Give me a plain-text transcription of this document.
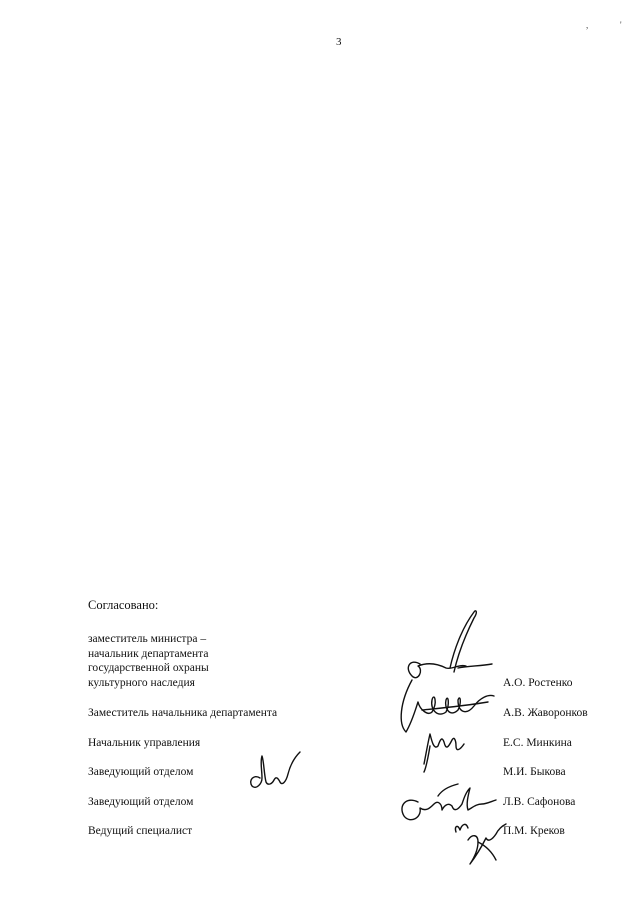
3
,	'
Согласовано:
заместитель министра –
начальник департамента
государственной охраны
культурного наследия
Заместитель начальника департамента
Начальник управления
Заведующий отделом
Заведующий отделом
Ведущий специалист
А.О. Ростенко
А.В. Жаворонков
Е.С. Минкина
М.И. Быкова
Л.В. Сафонова
П.М. Креков
